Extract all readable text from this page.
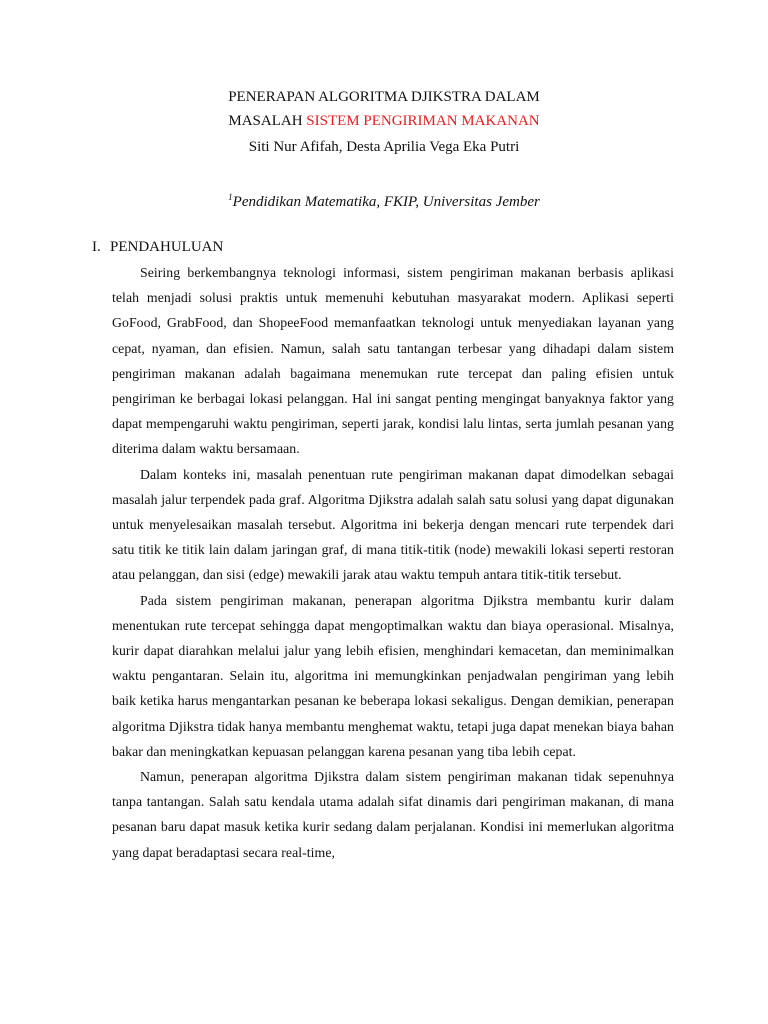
PENERAPAN ALGORITMA DJIKSTRA DALAM
MASALAH SISTEM PENGIRIMAN MAKANAN
Siti Nur Afifah, Desta Aprilia Vega Eka Putri
$^1$Pendidikan Matematika, FKIP, Universitas Jember
I. PENDAHULUAN

Seiring berkembangnya teknologi informasi, sistem pengiriman makanan berbasis aplikasi telah menjadi solusi praktis untuk memenuhi kebutuhan masyarakat modern. Aplikasi seperti GoFood, GrabFood, dan ShopeeFood memanfaatkan teknologi untuk menyediakan layanan yang cepat, nyaman, dan efisien. Namun, salah satu tantangan terbesar yang dihadapi dalam sistem pengiriman makanan adalah bagaimana menemukan rute tercepat dan paling efisien untuk pengiriman ke berbagai lokasi pelanggan. Hal ini sangat penting mengingat banyaknya faktor yang dapat mempengaruhi waktu pengiriman, seperti jarak, kondisi lalu lintas, serta jumlah pesanan yang diterima dalam waktu bersamaan.

Dalam konteks ini, masalah penentuan rute pengiriman makanan dapat dimodelkan sebagai masalah jalur terpendek pada graf. Algoritma Djikstra adalah salah satu solusi yang dapat digunakan untuk menyelesaikan masalah tersebut. Algoritma ini bekerja dengan mencari rute terpendek dari satu titik ke titik lain dalam jaringan graf, di mana titik-titik (node) mewakili lokasi seperti restoran atau pelanggan, dan sisi (edge) mewakili jarak atau waktu tempuh antara titik-titik tersebut.

Pada sistem pengiriman makanan, penerapan algoritma Djikstra membantu kurir dalam menentukan rute tercepat sehingga dapat mengoptimalkan waktu dan biaya operasional. Misalnya, kurir dapat diarahkan melalui jalur yang lebih efisien, menghindari kemacetan, dan meminimalkan waktu pengantaran. Selain itu, algoritma ini memungkinkan penjadwalan pengiriman yang lebih baik ketika harus mengantarkan pesanan ke beberapa lokasi sekaligus. Dengan demikian, penerapan algoritma Djikstra tidak hanya membantu menghemat waktu, tetapi juga dapat menekan biaya bahan bakar dan meningkatkan kepuasan pelanggan karena pesanan yang tiba lebih cepat.

Namun, penerapan algoritma Djikstra dalam sistem pengiriman makanan tidak sepenuhnya tanpa tantangan. Salah satu kendala utama adalah sifat dinamis dari pengiriman makanan, di mana pesanan baru dapat masuk ketika kurir sedang dalam perjalanan. Kondisi ini memerlukan algoritma yang dapat beradaptasi secara real-time,
